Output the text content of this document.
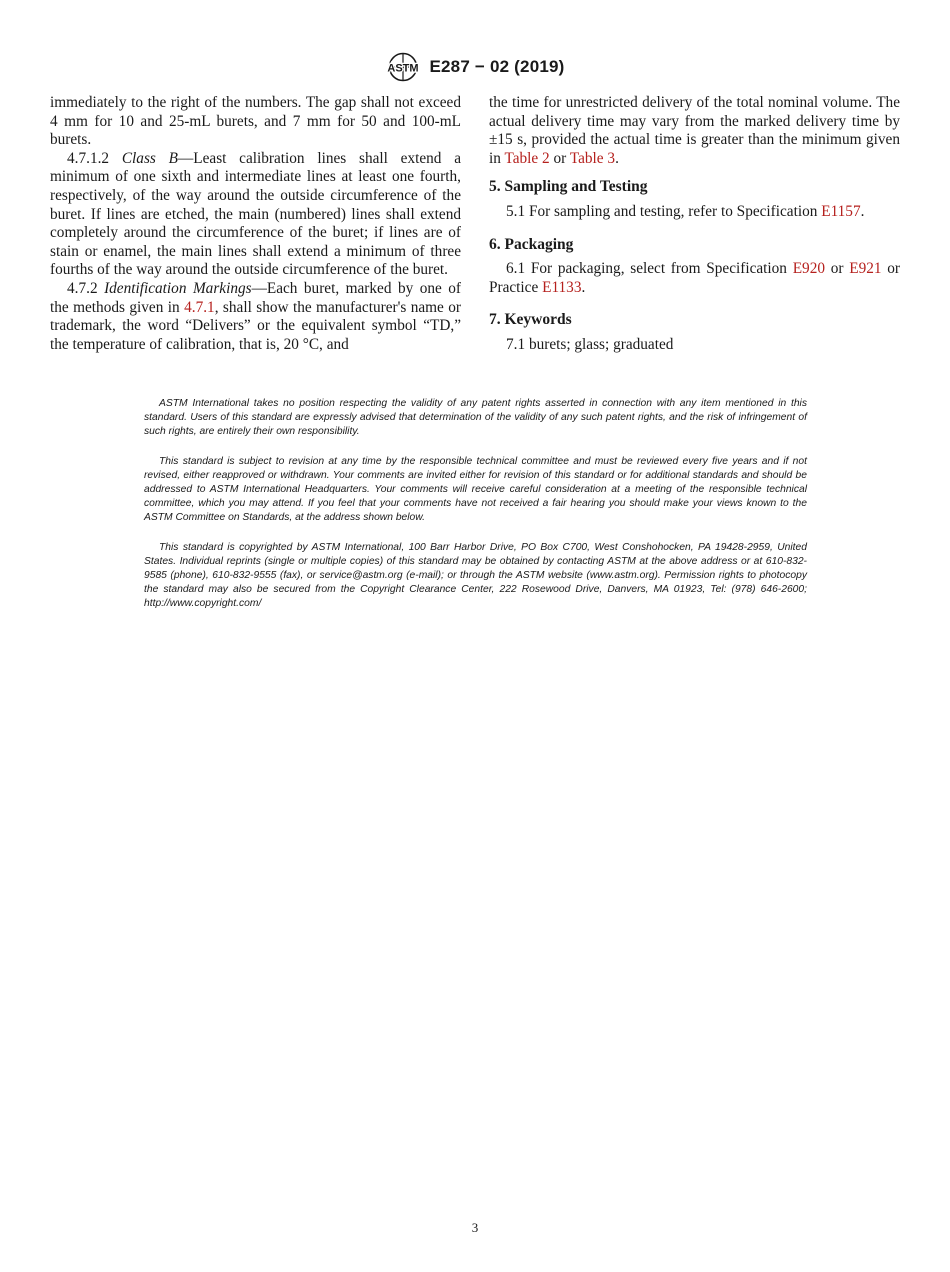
ASTM E287 − 02 (2019)

immediately to the right of the numbers. The gap shall not exceed 4 mm for 10 and 25-mL burets, and 7 mm for 50 and 100-mL burets.

4.7.1.2 Class B—Least calibration lines shall extend a minimum of one sixth and intermediate lines at least one fourth, respectively, of the way around the outside circumference of the buret. If lines are etched, the main (numbered) lines shall extend completely around the circumference of the buret; if lines are of stain or enamel, the main lines shall extend a minimum of three fourths of the way around the outside circumference of the buret.

4.7.2 Identification Markings—Each buret, marked by one of the methods given in 4.7.1, shall show the manufacturer's name or trademark, the word “Delivers” or the equivalent symbol “TD,” the temperature of calibration, that is, 20 °C, and

the time for unrestricted delivery of the total nominal volume. The actual delivery time may vary from the marked delivery time by ±15 s, provided the actual time is greater than the minimum given in Table 2 or Table 3.

5. Sampling and Testing

5.1 For sampling and testing, refer to Specification E1157.

6. Packaging

6.1 For packaging, select from Specification E920 or E921 or Practice E1133.

7. Keywords

7.1 burets; glass; graduated

ASTM International takes no position respecting the validity of any patent rights asserted in connection with any item mentioned in this standard. Users of this standard are expressly advised that determination of the validity of any such patent rights, and the risk of infringement of such rights, are entirely their own responsibility.

This standard is subject to revision at any time by the responsible technical committee and must be reviewed every five years and if not revised, either reapproved or withdrawn. Your comments are invited either for revision of this standard or for additional standards and should be addressed to ASTM International Headquarters. Your comments will receive careful consideration at a meeting of the responsible technical committee, which you may attend. If you feel that your comments have not received a fair hearing you should make your views known to the ASTM Committee on Standards, at the address shown below.

This standard is copyrighted by ASTM International, 100 Barr Harbor Drive, PO Box C700, West Conshohocken, PA 19428-2959, United States. Individual reprints (single or multiple copies) of this standard may be obtained by contacting ASTM at the above address or at 610-832-9585 (phone), 610-832-9555 (fax), or service@astm.org (e-mail); or through the ASTM website (www.astm.org). Permission rights to photocopy the standard may also be secured from the Copyright Clearance Center, 222 Rosewood Drive, Danvers, MA 01923, Tel: (978) 646-2600; http://www.copyright.com/

3
